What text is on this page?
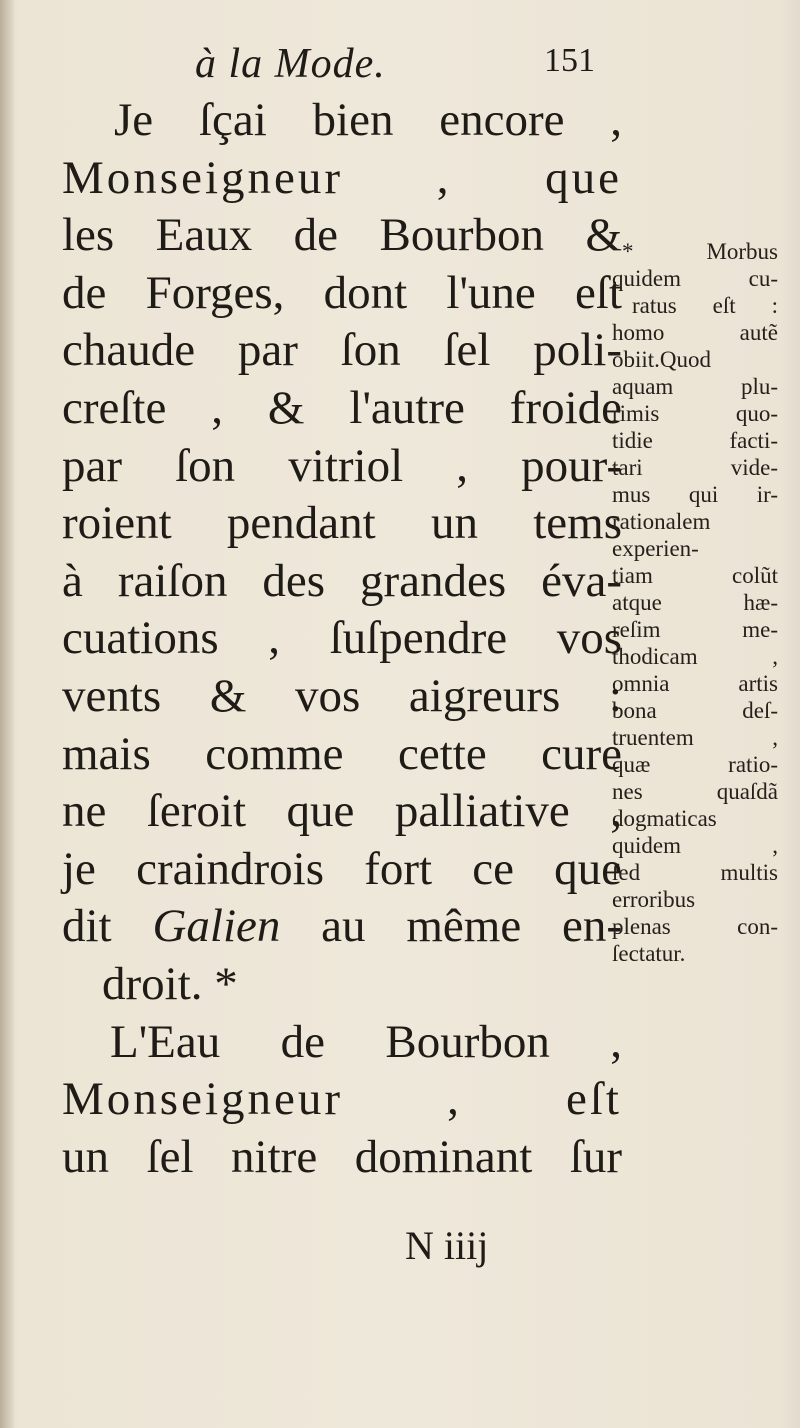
à la Mode.	151
Je ſçai bien encore ,
Monseigneur , que
les Eaux de Bourbon &
de Forges, dont l'une eſt
chaude par ſon ſel poli-
creſte , & l'autre froide
par ſon vitriol , pour-
roient pendant un tems
à raiſon des grandes éva-
cuations , ſuſpendre vos
vents & vos aigreurs :
mais comme cette cure
ne ſeroit que palliative ,
je craindrois fort ce que
dit Galien au même en-
droit. *
L'Eau de Bourbon ,
Monseigneur , eſt
un ſel nitre dominant ſur
N iiij
* Morbus
quidem cu-
ratus eſt :
homo autẽ
obiit.Quod
aquam plu-
rimis quo-
tidie facti-
tari vide-
mus qui ir-
rationalem
experien-
tiam colũt
atque hæ-
reſim me-
thodicam ,
omnia artis
bona deſ-
truentem ,
quæ ratio-
nes quaſdã
dogmaticas
quidem ,
ſed multis
erroribus
plenas con-
ſectatur.
